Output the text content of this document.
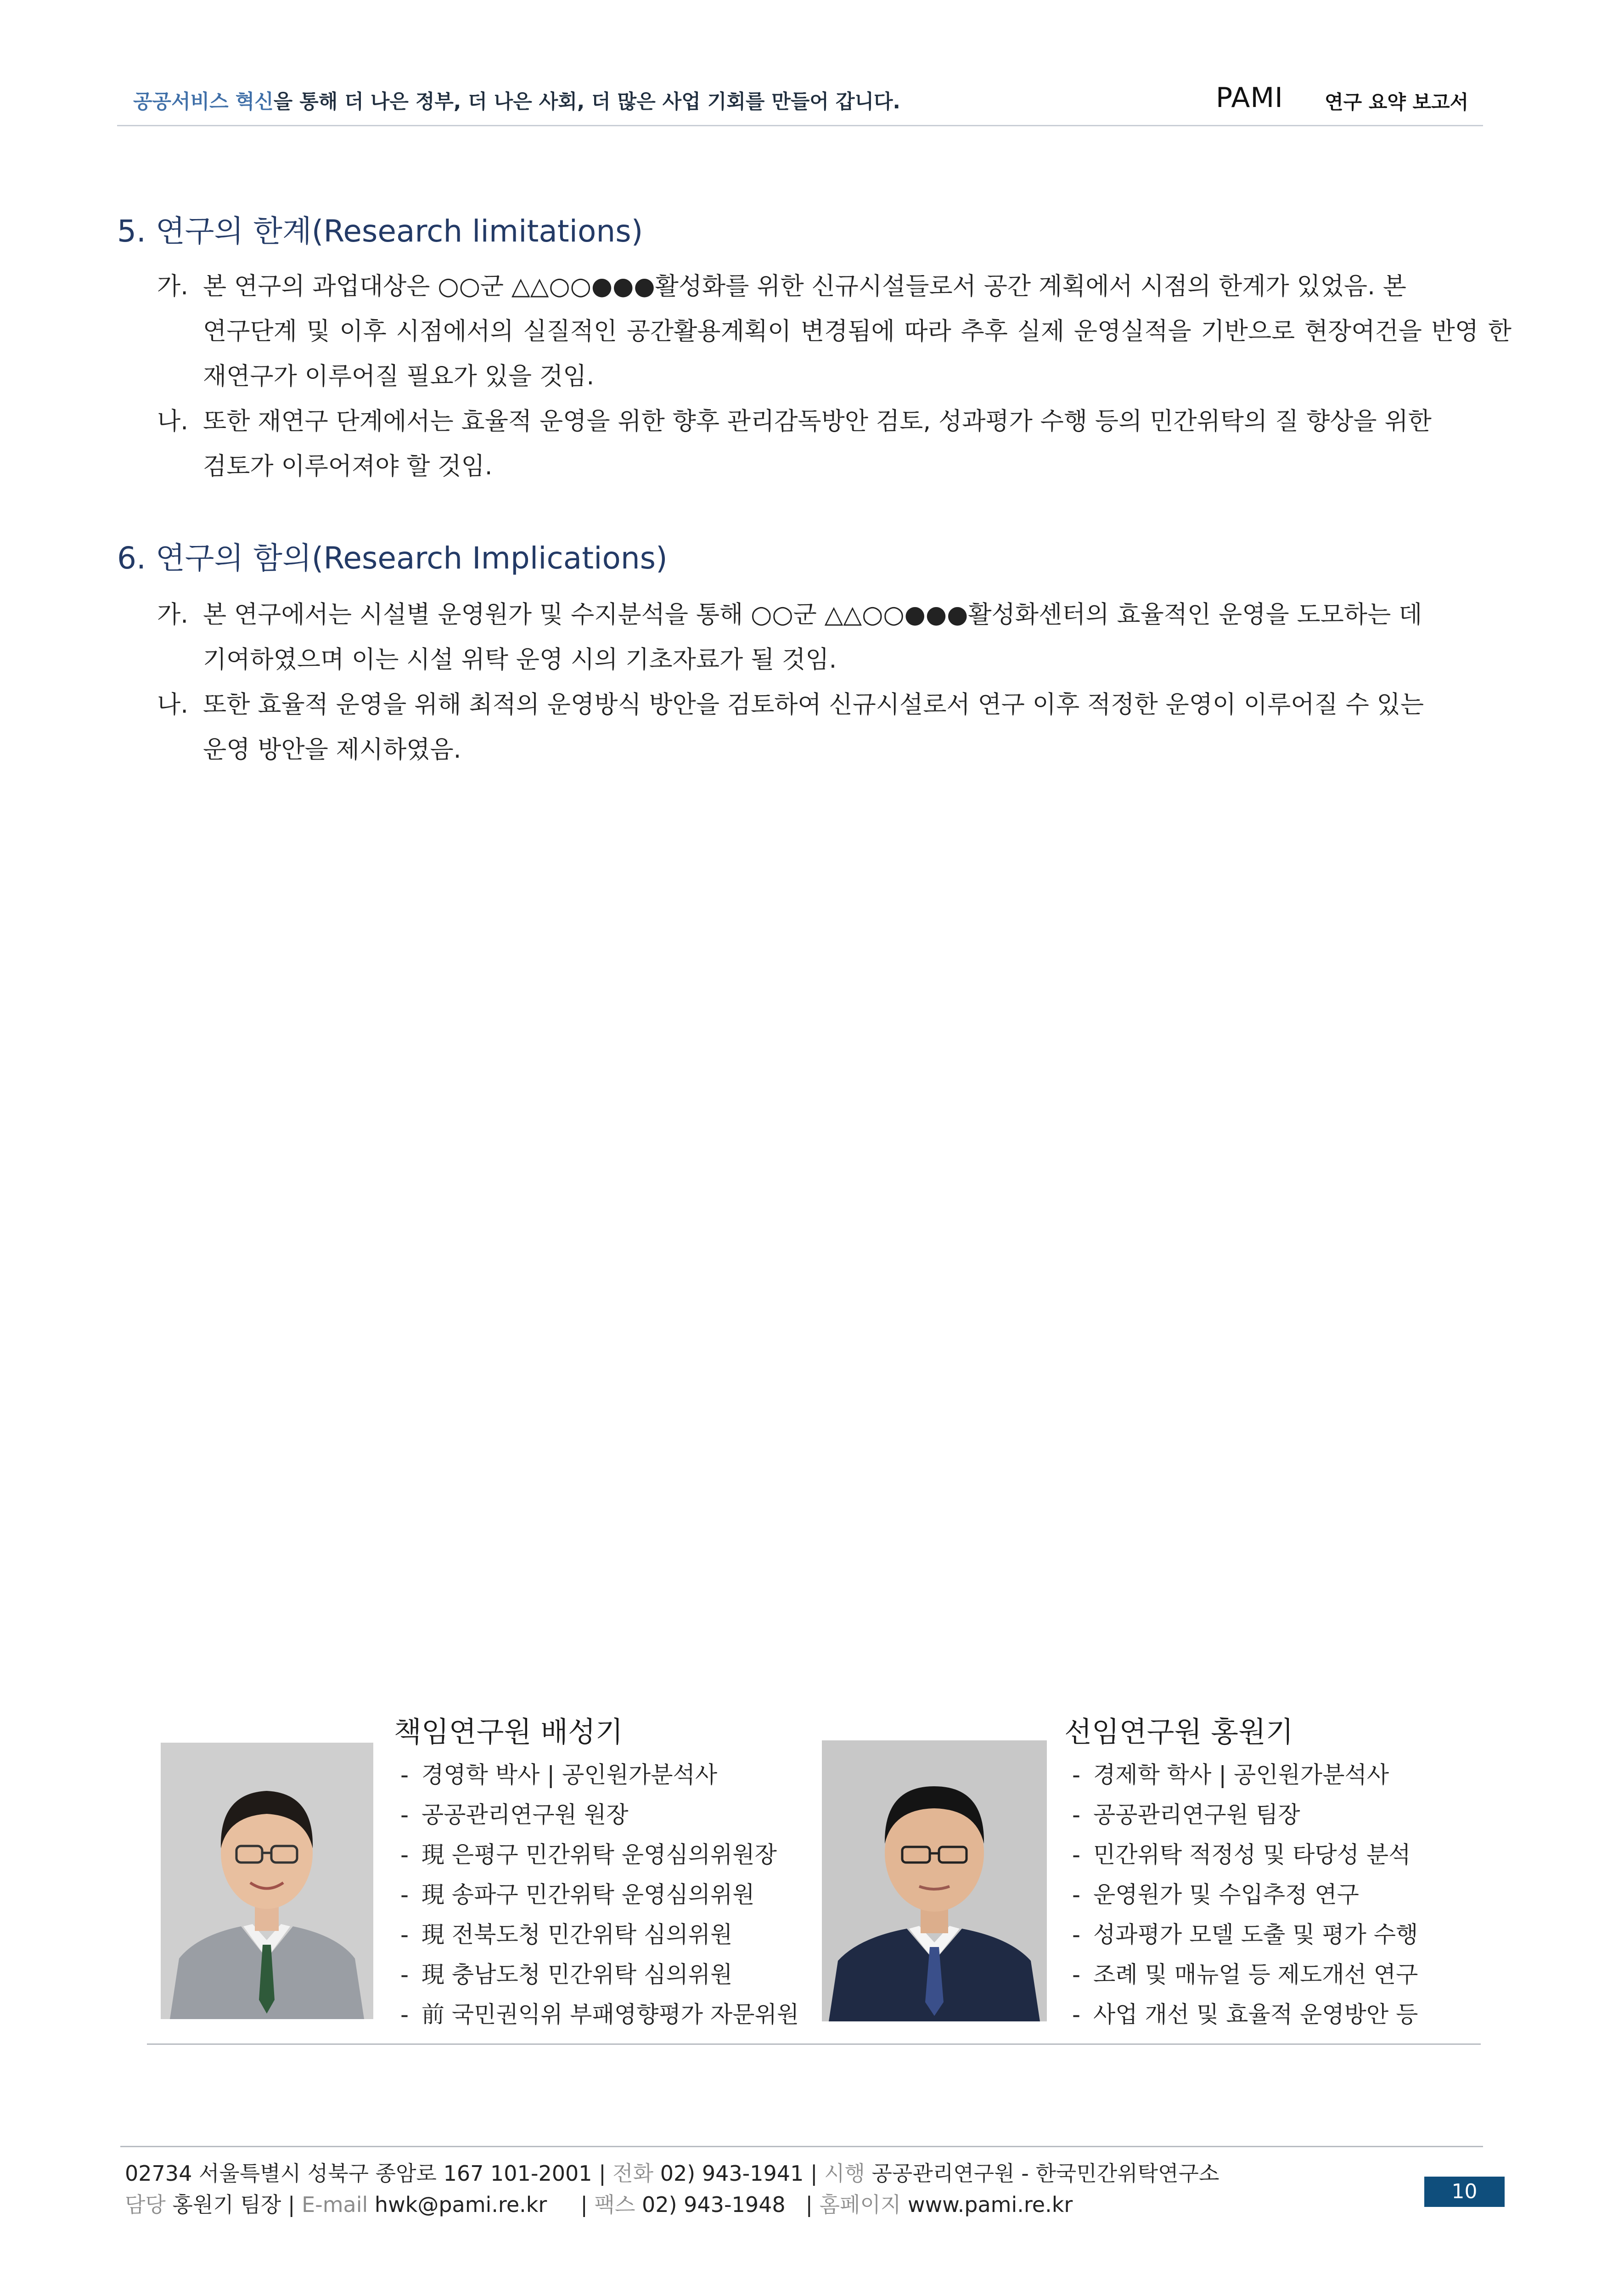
공공서비스 혁신을 통해 더 나은 정부, 더 나은 사회, 더 많은 사업 기회를 만들어 갑니다.	PAMI 연구 요약 보고서
5. 연구의 한계(Research limitations)
가. 본 연구의 과업대상은 ○○군 △△○○●●●활성화를 위한 신규시설들로서 공간 계획에서 시점의 한계가 있었음. 본
연구단계 및 이후 시점에서의 실질적인 공간활용계획이 변경됨에 따라 추후 실제 운영실적을 기반으로 현장여건을 반영 한 재연구가 이루어질 필요가 있을 것임.
나. 또한 재연구 단계에서는 효율적 운영을 위한 향후 관리감독방안 검토, 성과평가 수행 등의 민간위탁의 질 향상을 위한
검토가 이루어져야 할 것임.
6. 연구의 함의(Research Implications)
가. 본 연구에서는 시설별 운영원가 및 수지분석을 통해 ○○군 △△○○●●●활성화센터의 효율적인 운영을 도모하는 데
기여하였으며 이는 시설 위탁 운영 시의 기초자료가 될 것임.
나. 또한 효율적 운영을 위해 최적의 운영방식 방안을 검토하여 신규시설로서 연구 이후 적정한 운영이 이루어질 수 있는
운영 방안을 제시하였음.
책임연구원 배성기
- 경영학 박사 | 공인원가분석사
- 공공관리연구원 원장
- 現 은평구 민간위탁 운영심의위원장
- 現 송파구 민간위탁 운영심의위원
- 現 전북도청 민간위탁 심의위원
- 現 충남도청 민간위탁 심의위원
- 前 국민권익위 부패영향평가 자문위원
선임연구원 홍원기
- 경제학 학사 | 공인원가분석사
- 공공관리연구원 팀장
- 민간위탁 적정성 및 타당성 분석
- 운영원가 및 수입추정 연구
- 성과평가 모델 도출 및 평가 수행
- 조례 및 매뉴얼 등 제도개선 연구
- 사업 개선 및 효율적 운영방안 등
02734 서울특별시 성북구 종암로 167 101-2001 | 전화 02) 943-1941 | 시행 공공관리연구원 - 한국민간위탁연구소
담당 홍원기 팀장 | E-mail hwk@pami.re.kr     | 팩스 02) 943-1948   | 홈페이지 www.pami.re.kr
10
